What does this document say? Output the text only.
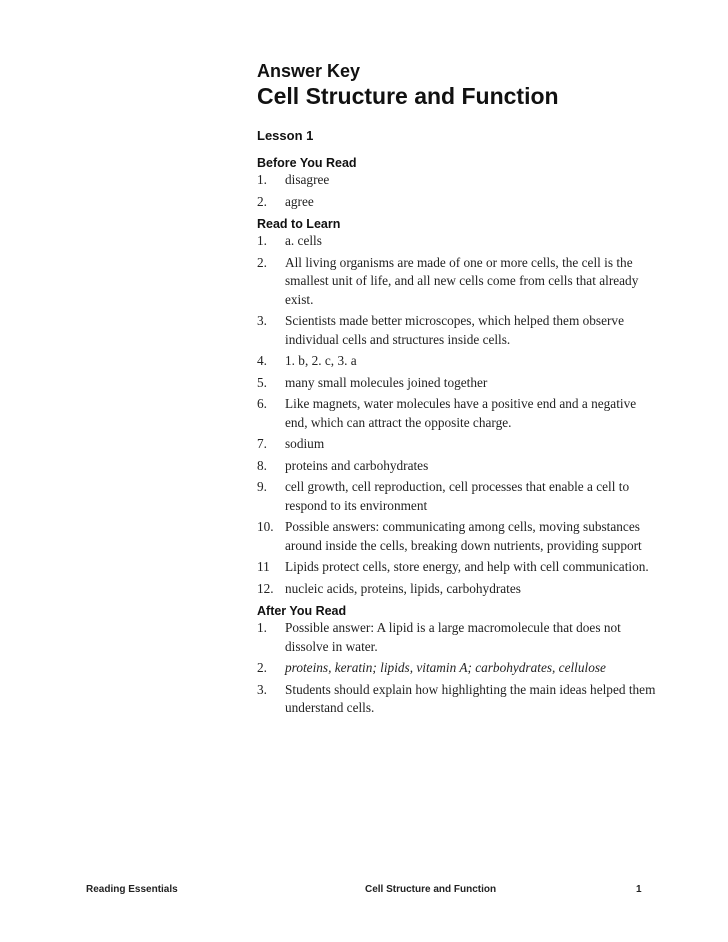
Answer Key
Cell Structure and Function
Lesson 1
Before You Read
1.	disagree
2.	agree
Read to Learn
1.	a. cells
2.	All living organisms are made of one or more cells, the cell is the smallest unit of life, and all new cells come from cells that already exist.
3.	Scientists made better microscopes, which helped them observe individual cells and structures inside cells.
4.	1. b, 2. c, 3. a
5.	many small molecules joined together
6.	Like magnets, water molecules have a positive end and a negative end, which can attract the opposite charge.
7.	sodium
8.	proteins and carbohydrates
9.	cell growth, cell reproduction, cell processes that enable a cell to respond to its environment
10. Possible answers: communicating among cells, moving substances around inside the cells, breaking down nutrients, providing support
11	Lipids protect cells, store energy, and help with cell communication.
12. nucleic acids, proteins, lipids, carbohydrates
After You Read
1.	Possible answer: A lipid is a large macromolecule that does not dissolve in water.
2.	proteins, keratin; lipids, vitamin A; carbohydrates, cellulose
3.	Students should explain how highlighting the main ideas helped them understand cells.
Reading Essentials	Cell Structure and Function	1
